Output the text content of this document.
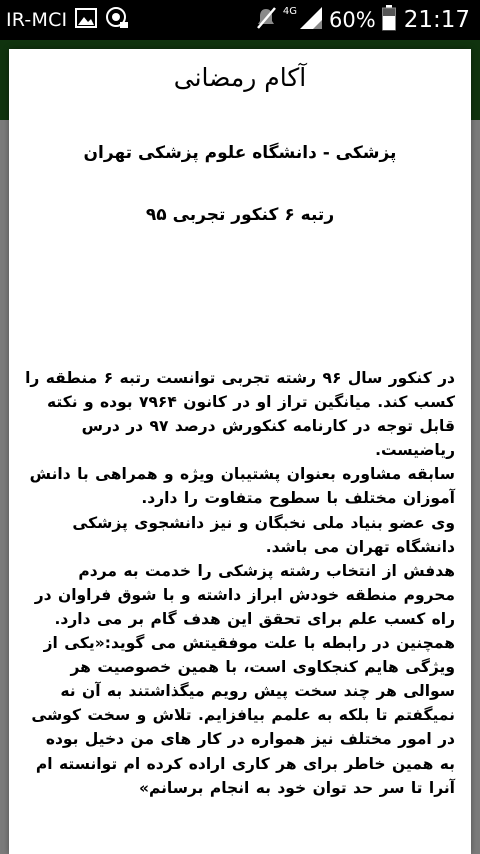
IR-MCI	4G 60% 21:17
آکام رمضانی
پزشکی - دانشگاه علوم پزشکی تهران
رتبه ۶ کنکور تجربی ۹۵

در کنکور سال ۹۶ رشته تجربی توانست رتبه ۶ منطقه را کسب کند. میانگین تراز او در کانون ۷۹۶۴ بوده و نکته قابل توجه در کارنامه کنکورش درصد ۹۷ در درس ریاضیست.

سابقه مشاوره بعنوان پشتیبان ویژه و همراهی با دانش آموزان مختلف با سطوح متفاوت را دارد.

وی عضو بنیاد ملی نخبگان و نیز دانشجوی پزشکی دانشگاه تهران می باشد.

هدفش از انتخاب رشته پزشکی را خدمت به مردم محروم منطقه خودش ابراز داشته و با شوق فراوان در راه کسب علم برای تحقق این هدف گام بر می دارد.

همچنین در رابطه با علت موفقیتش می گوید:«یکی از ویژگی هایم کنجکاوی است، با همین خصوصیت هر سوالی هر چند سخت پیش رویم میگذاشتند به آن نه نمیگفتم تا بلکه به علمم بیافزایم. تلاش و سخت کوشی در امور مختلف نیز همواره در کار های من دخیل بوده به همین خاطر برای هر کاری اراده کرده ام توانسته ام آنرا تا سر حد توان خود به انجام برسانم»
